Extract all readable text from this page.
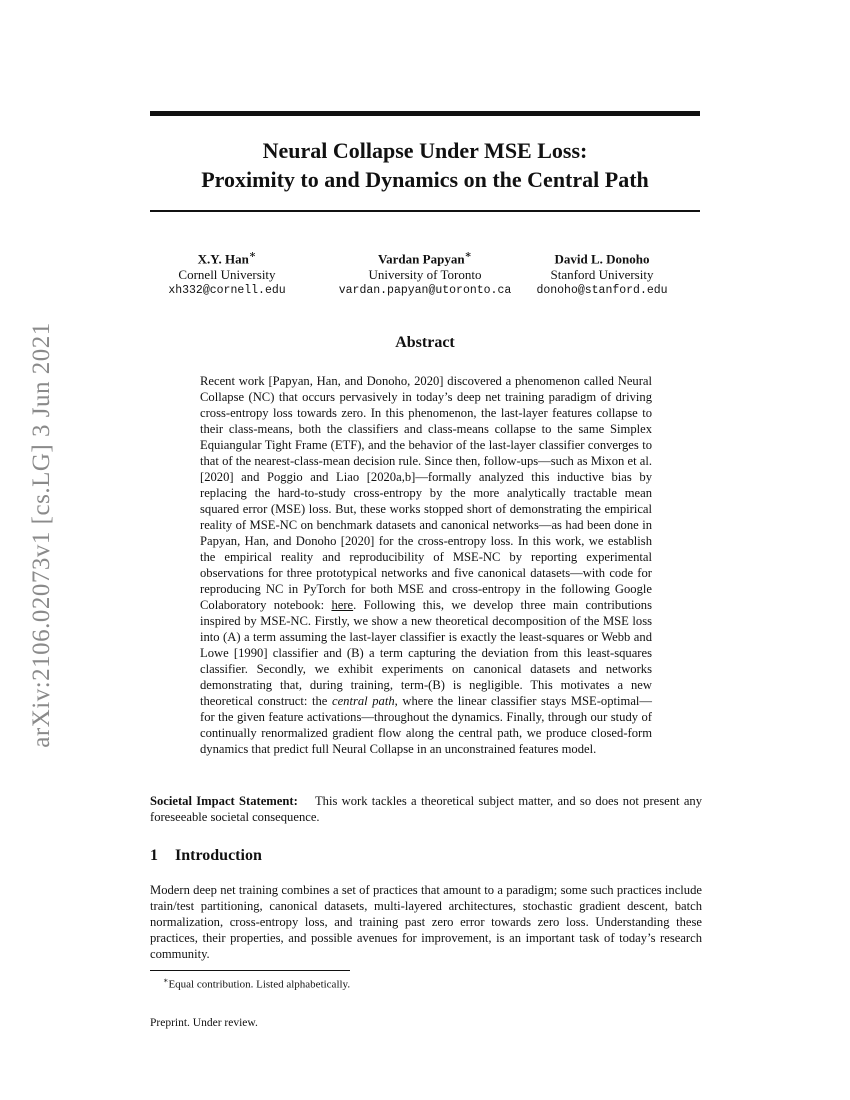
arXiv:2106.02073v1 [cs.LG] 3 Jun 2021
Neural Collapse Under MSE Loss:
Proximity to and Dynamics on the Central Path
X.Y. Han∗
Cornell University
xh332@cornell.edu
Vardan Papyan∗
University of Toronto
vardan.papyan@utoronto.ca
David L. Donoho
Stanford University
donoho@stanford.edu
Abstract

Recent work [Papyan, Han, and Donoho, 2020] discovered a phenomenon called Neural Collapse (NC) that occurs pervasively in today’s deep net training paradigm of driving cross-entropy loss towards zero. In this phenomenon, the last-layer features collapse to their class-means, both the classifiers and class-means collapse to the same Simplex Equiangular Tight Frame (ETF), and the behavior of the last-layer classifier converges to that of the nearest-class-mean decision rule. Since then, follow-ups—such as Mixon et al. [2020] and Poggio and Liao [2020a,b]—formally analyzed this inductive bias by replacing the hard-to-study cross-entropy by the more analytically tractable mean squared error (MSE) loss. But, these works stopped short of demonstrating the empirical reality of MSE-NC on benchmark datasets and canonical networks—as had been done in Papyan, Han, and Donoho [2020] for the cross-entropy loss. In this work, we establish the empirical reality and reproducibility of MSE-NC by reporting experimental observations for three prototypical networks and five canonical datasets—with code for reproducing NC in PyTorch for both MSE and cross-entropy in the following Google Colaboratory notebook: here. Following this, we develop three main contributions inspired by MSE-NC. Firstly, we show a new theoretical decomposition of the MSE loss into (A) a term assuming the last-layer classifier is exactly the least-squares or Webb and Lowe [1990] classifier and (B) a term capturing the deviation from this least-squares classifier. Secondly, we exhibit experiments on canonical datasets and networks demonstrating that, during training, term-(B) is negligible. This motivates a new theoretical construct: the central path, where the linear classifier stays MSE-optimal—for the given feature activations—throughout the dynamics. Finally, through our study of continually renormalized gradient flow along the central path, we produce closed-form dynamics that predict full Neural Collapse in an unconstrained features model.

Societal Impact Statement: This work tackles a theoretical subject matter, and so does not present any foreseeable societal consequence.

1 Introduction

Modern deep net training combines a set of practices that amount to a paradigm; some such practices include train/test partitioning, canonical datasets, multi-layered architectures, stochastic gradient descent, batch normalization, cross-entropy loss, and training past zero error towards zero loss. Understanding these practices, their properties, and possible avenues for improvement, is an important task of today’s research community.

∗Equal contribution. Listed alphabetically.
Preprint. Under review.
